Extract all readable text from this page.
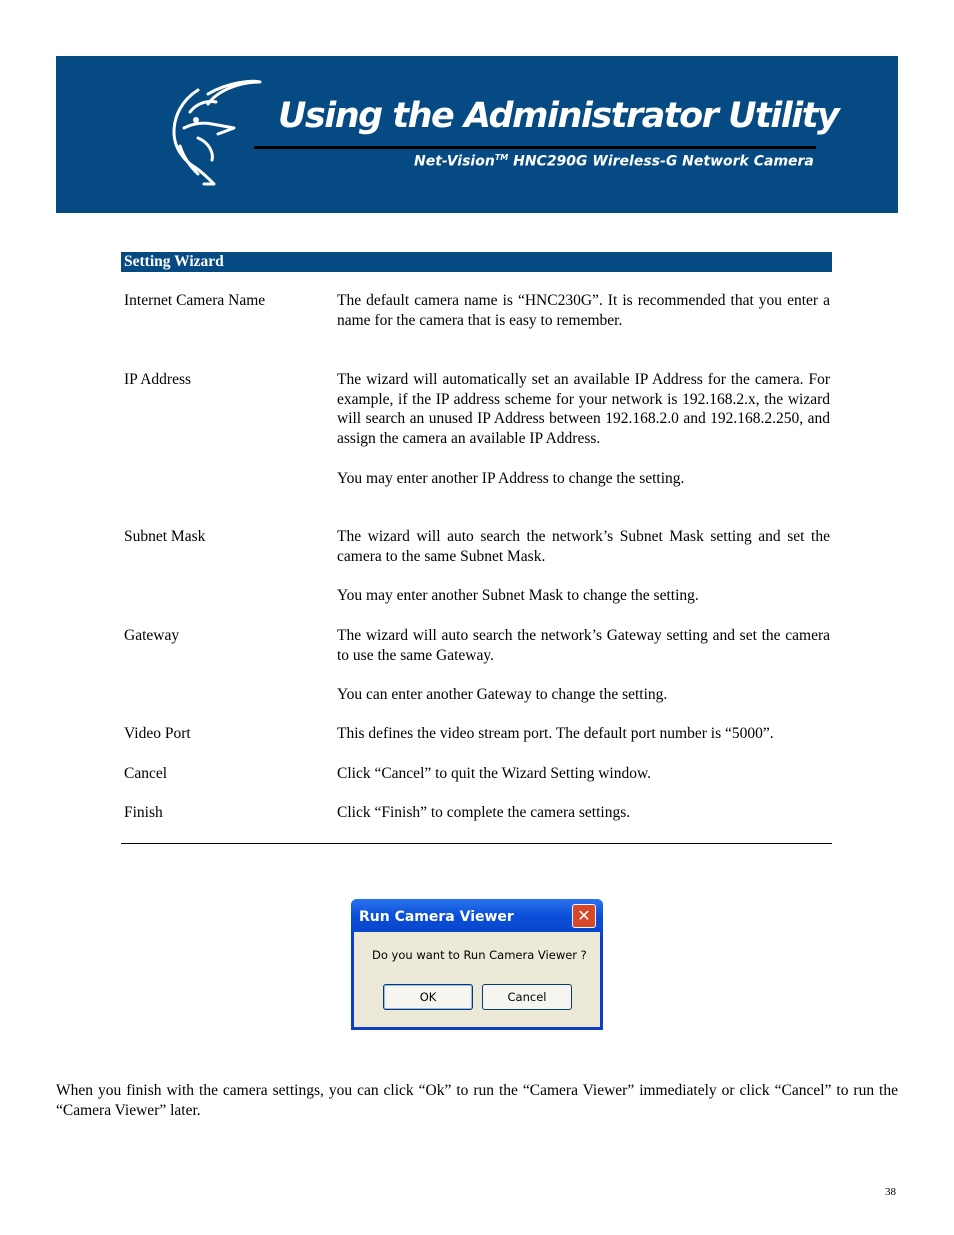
Using the Administrator Utility
Net-Vision™ HNC290G Wireless-G Network Camera
Setting Wizard
Internet Camera Name	The default camera name is “HNC230G”. It is recommended that you enter a name for the camera that is easy to remember.

IP Address	The wizard will automatically set an available IP Address for the camera. For example, if the IP address scheme for your network is 192.168.2.x, the wizard will search an unused IP Address between 192.168.2.0 and 192.168.2.250, and assign the camera an available IP Address.

You may enter another IP Address to change the setting.

Subnet Mask	The wizard will auto search the network’s Subnet Mask setting and set the camera to the same Subnet Mask.

You may enter another Subnet Mask to change the setting.

Gateway	The wizard will auto search the network’s Gateway setting and set the camera to use the same Gateway.

You can enter another Gateway to change the setting.

Video Port	This defines the video stream port. The default port number is “5000”.

Cancel	Click “Cancel” to quit the Wizard Setting window.

Finish	Click “Finish” to complete the camera settings.

Run Camera Viewer	✕
Do you want to Run Camera Viewer ?
OK	Cancel
When you finish with the camera settings, you can click “Ok” to run the “Camera Viewer” immediately or click “Cancel” to run the “Camera Viewer” later.
38
